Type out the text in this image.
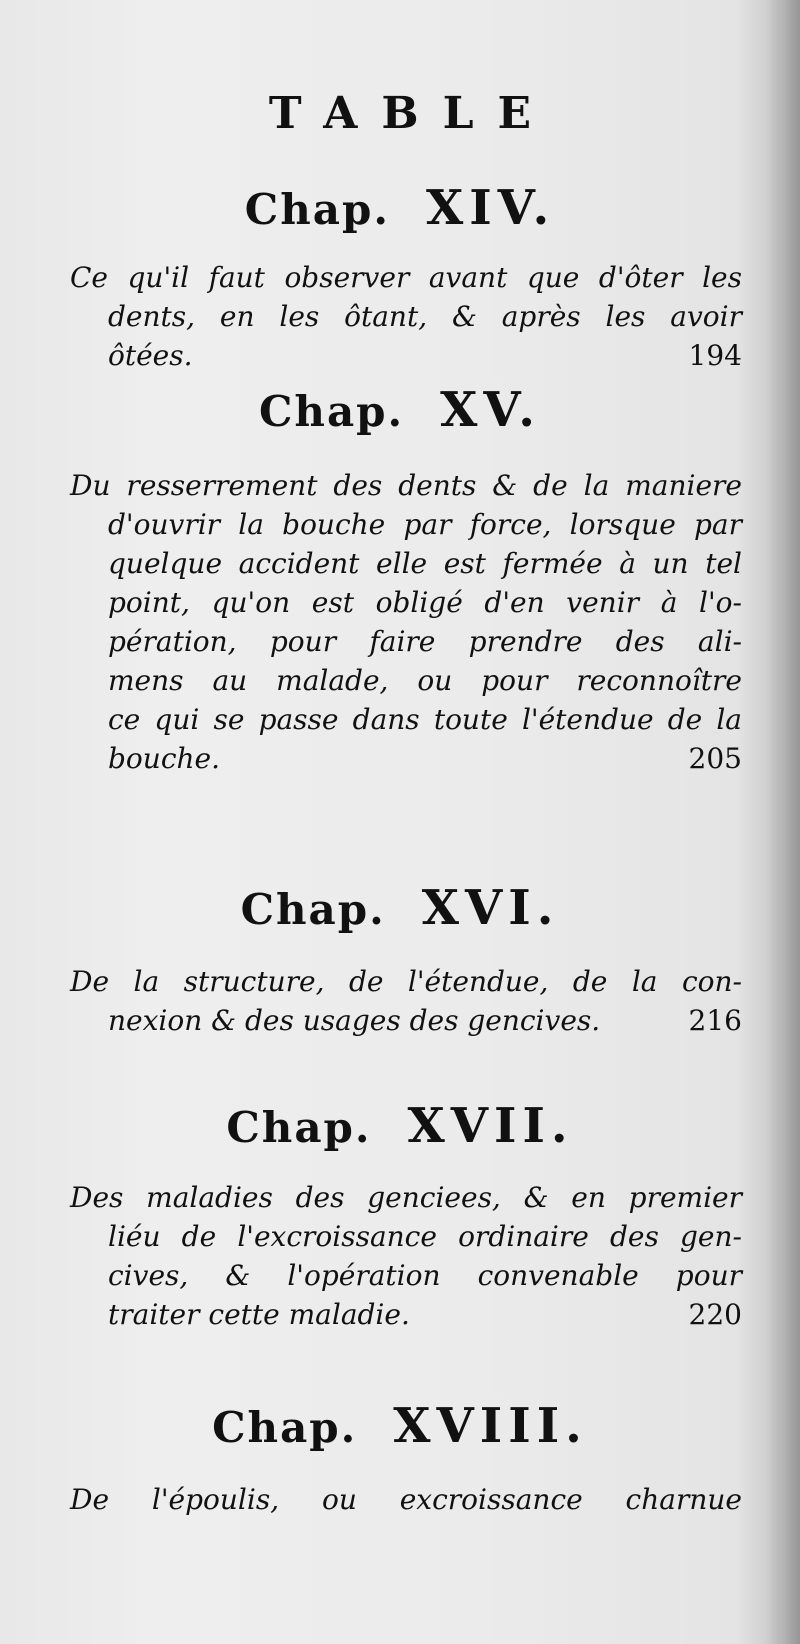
TABLE
Chap. XIV.
Ce qu'il faut observer avant que d'ôter les
dents, en les ôtant, & après les avoir
ôtées.	194
Chap. XV.
Du resserrement des dents & de la maniere
d'ouvrir la bouche par force, lorsque par
quelque accident elle est fermée à un tel
point, qu'on est obligé d'en venir à l'o-
pération, pour faire prendre des ali-
mens au malade, ou pour reconnoître
ce qui se passe dans toute l'étendue de la
bouche.	205
Chap. XVI.
De la structure, de l'étendue, de la con-
nexion & des usages des gencives.	216
Chap. XVII.
Des maladies des genciees, & en premier
liéu de l'excroissance ordinaire des gen-
cives, & l'opération convenable pour
traiter cette maladie.	220
Chap. XVIII.
De l'époulis, ou excroissance charnue
